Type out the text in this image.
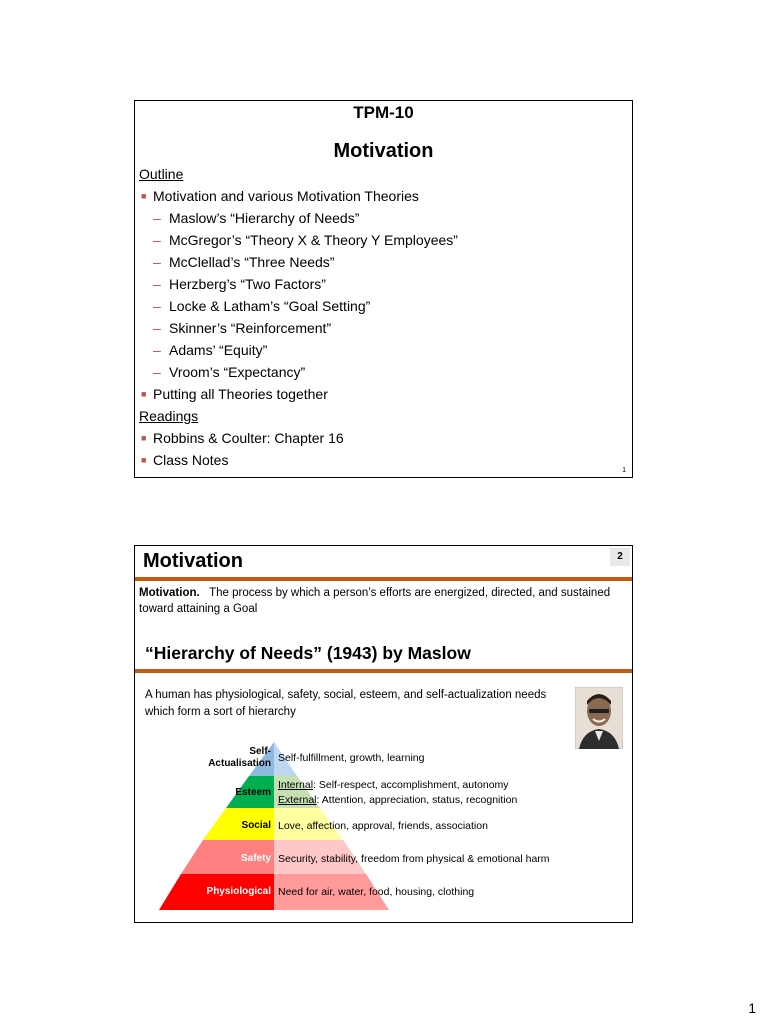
TPM-10
Motivation
Outline
■ Motivation and various Motivation Theories
– Maslow’s “Hierarchy of Needs”
– McGregor’s “Theory X & Theory Y Employees”
– McClellad’s “Three Needs”
– Herzberg’s “Two Factors”
– Locke & Latham’s “Goal Setting”
– Skinner’s “Reinforcement”
– Adams’ “Equity”
– Vroom’s “Expectancy”
■ Putting all Theories together
Readings
■ Robbins & Coulter: Chapter 16
■ Class Notes
1
Motivation	2
Motivation. The process by which a person’s efforts are energized, directed, and sustained toward attaining a Goal
“Hierarchy of Needs” (1943) by Maslow
A human has physiological, safety, social, esteem, and self-actualization needs which form a sort of hierarchy
Self-
Actualisation
Esteem
Social
Safety
Physiological
Self-fulfillment, growth, learning
Internal: Self-respect, accomplishment, autonomy
External: Attention, appreciation, status, recognition
Love, affection, approval, friends, association
Security, stability, freedom from physical & emotional harm
Need for air, water, food, housing, clothing
1
